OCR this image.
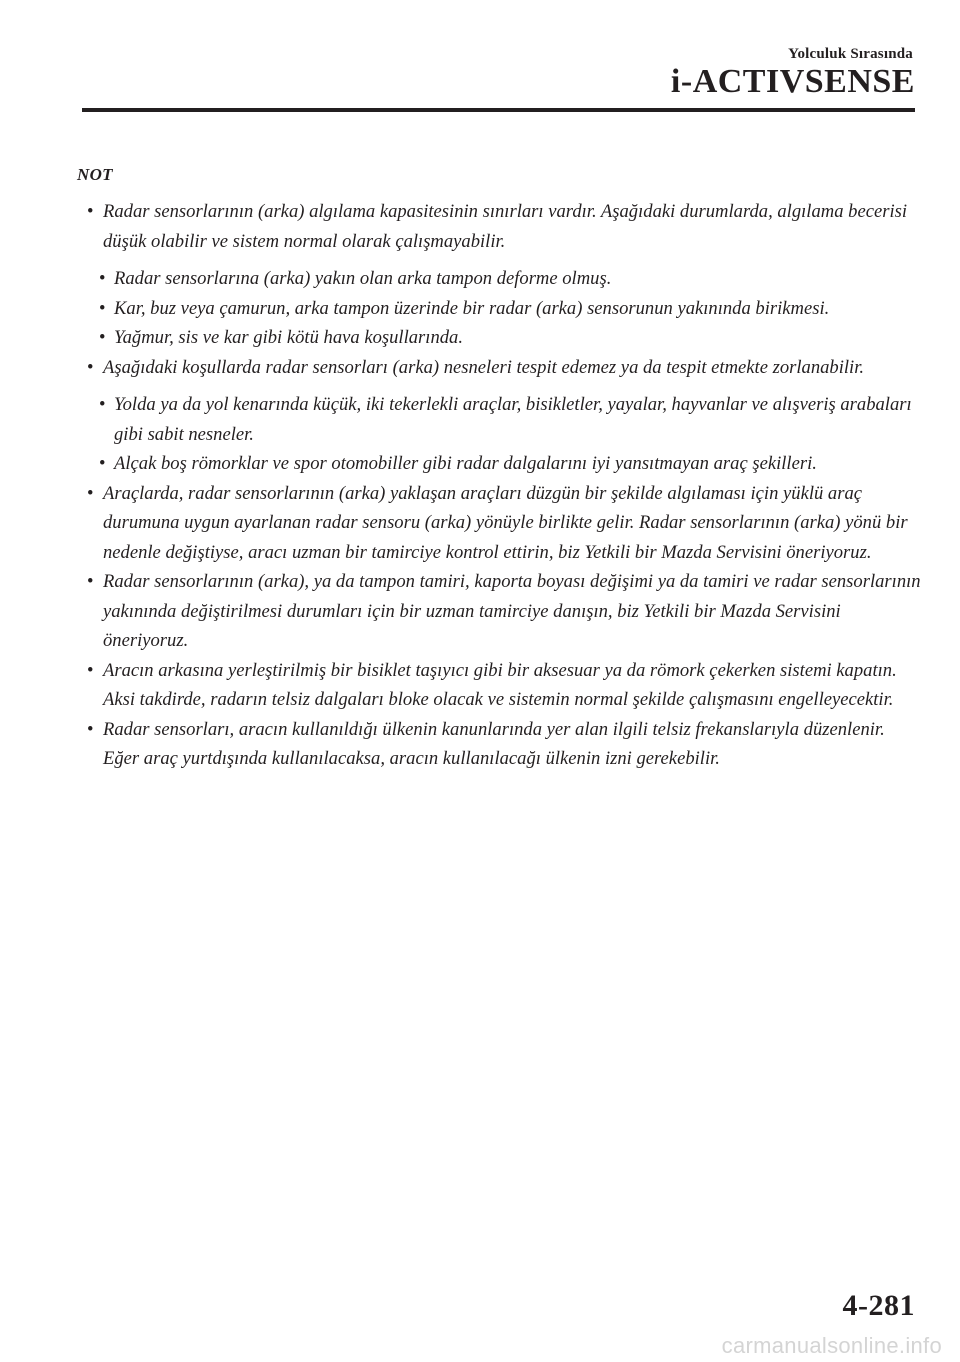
Yolculuk Sırasında
i-ACTIVSENSE
NOT
• Radar sensorlarının (arka) algılama kapasitesinin sınırları vardır. Aşağıdaki durumlarda, algılama becerisi düşük olabilir ve sistem normal olarak çalışmayabilir.
• Radar sensorlarına (arka) yakın olan arka tampon deforme olmuş.
• Kar, buz veya çamurun, arka tampon üzerinde bir radar (arka) sensorunun yakınında birikmesi.
• Yağmur, sis ve kar gibi kötü hava koşullarında.
• Aşağıdaki koşullarda radar sensorları (arka) nesneleri tespit edemez ya da tespit etmekte zorlanabilir.
• Yolda ya da yol kenarında küçük, iki tekerlekli araçlar, bisikletler, yayalar, hayvanlar ve alışveriş arabaları gibi sabit nesneler.
• Alçak boş römorklar ve spor otomobiller gibi radar dalgalarını iyi yansıtmayan araç şekilleri.
• Araçlarda, radar sensorlarının (arka) yaklaşan araçları düzgün bir şekilde algılaması için yüklü araç durumuna uygun ayarlanan radar sensoru (arka) yönüyle birlikte gelir. Radar sensorlarının (arka) yönü bir nedenle değiştiyse, aracı uzman bir tamirciye kontrol ettirin, biz Yetkili bir Mazda Servisini öneriyoruz.
• Radar sensorlarının (arka), ya da tampon tamiri, kaporta boyası değişimi ya da tamiri ve radar sensorlarının yakınında değiştirilmesi durumları için bir uzman tamirciye danışın, biz Yetkili bir Mazda Servisini öneriyoruz.
• Aracın arkasına yerleştirilmiş bir bisiklet taşıyıcı gibi bir aksesuar ya da römork çekerken sistemi kapatın. Aksi takdirde, radarın telsiz dalgaları bloke olacak ve sistemin normal şekilde çalışmasını engelleyecektir.
• Radar sensorları, aracın kullanıldığı ülkenin kanunlarında yer alan ilgili telsiz frekanslarıyla düzenlenir. Eğer araç yurtdışında kullanılacaksa, aracın kullanılacağı ülkenin izni gerekebilir.
4-281
carmanualsonline.info
